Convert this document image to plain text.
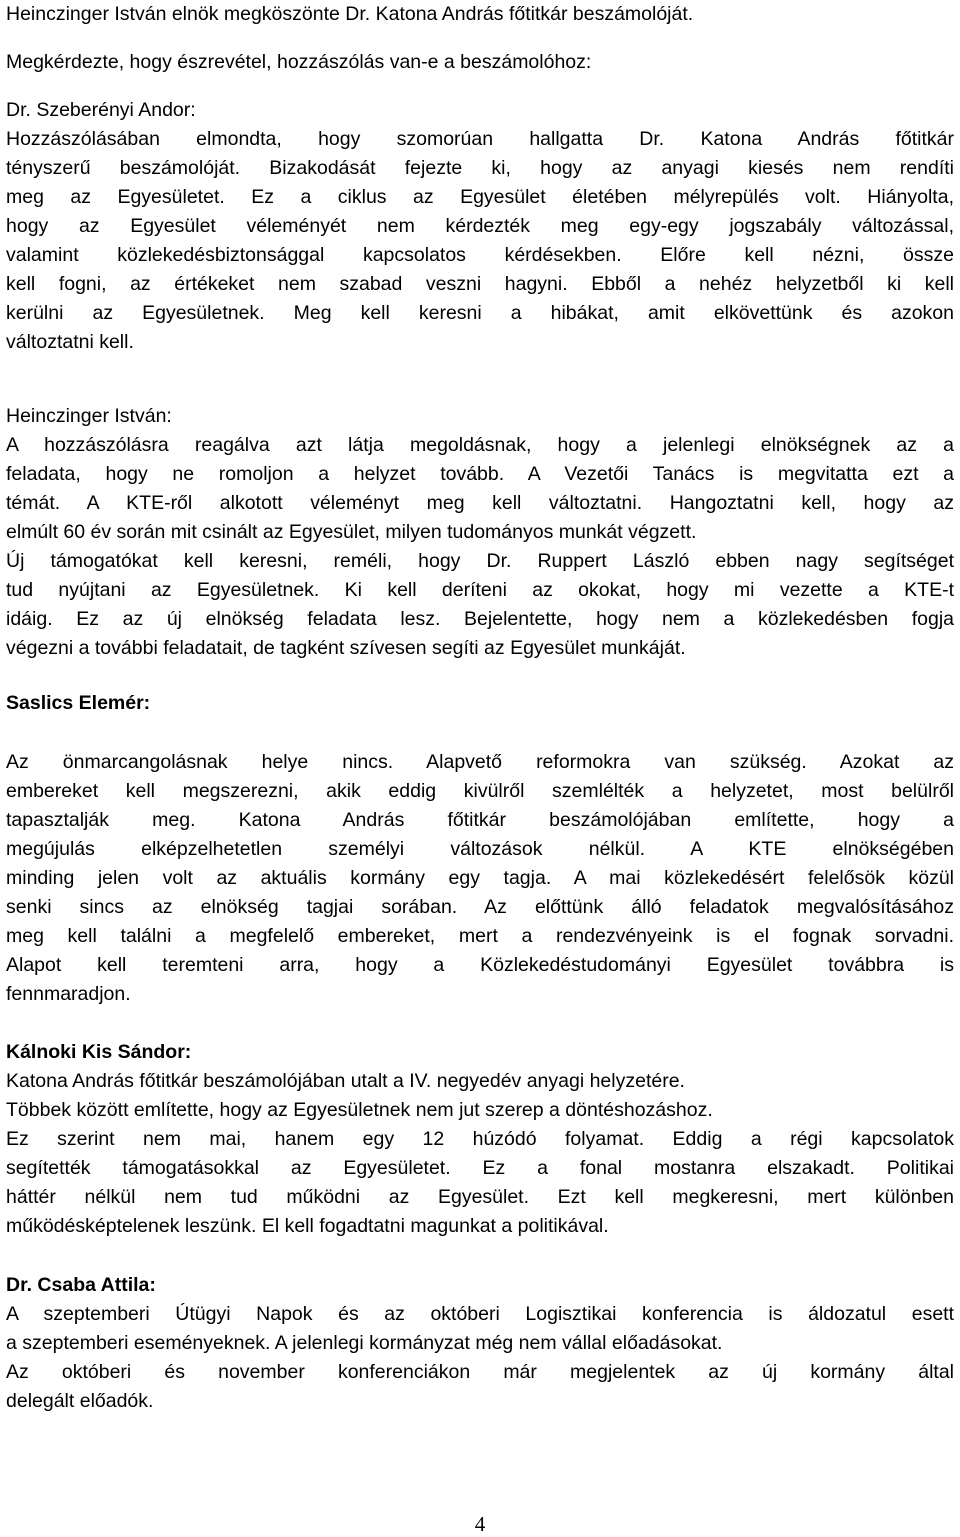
Heinczinger István elnök megköszönte Dr. Katona András főtitkár beszámolóját.

Megkérdezte, hogy észrevétel, hozzászólás van-e a beszámolóhoz:

Dr. Szeberényi Andor:

Hozzászólásában elmondta, hogy szomorúan hallgatta Dr. Katona András főtitkár
tényszerű beszámolóját. Bizakodását fejezte ki, hogy az anyagi kiesés nem rendíti
meg az Egyesületet. Ez a ciklus az Egyesület életében mélyrepülés volt. Hiányolta,
hogy az Egyesület véleményét nem kérdezték meg egy-egy jogszabály változással,
valamint közlekedésbiztonsággal kapcsolatos kérdésekben. Előre kell nézni, össze
kell fogni, az értékeket nem szabad veszni hagyni. Ebből a nehéz helyzetből ki kell
kerülni az Egyesületnek. Meg kell keresni a hibákat, amit elkövettünk és azokon
változtatni kell.

Heinczinger István:

A hozzászólásra reagálva azt látja megoldásnak, hogy a jelenlegi elnökségnek az a
feladata, hogy ne romoljon a helyzet tovább. A Vezetői Tanács is megvitatta ezt a
témát. A KTE-ről alkotott véleményt meg kell változtatni. Hangoztatni kell, hogy az
elmúlt 60 év során mit csinált az Egyesület, milyen tudományos munkát végzett.
Új támogatókat kell keresni, reméli, hogy Dr. Ruppert László ebben nagy segítséget
tud nyújtani az Egyesületnek. Ki kell deríteni az okokat, hogy mi vezette a KTE-t
idáig. Ez az új elnökség feladata lesz. Bejelentette, hogy nem a közlekedésben fogja
végezni a további feladatait, de tagként szívesen segíti az Egyesület munkáját.

Saslics Elemér:

Az önmarcangolásnak helye nincs. Alapvető reformokra van szükség. Azokat az
embereket kell megszerezni, akik eddig kivülről szemlélték a helyzetet, most belülről
tapasztalják meg. Katona András főtitkár beszámolójában említette, hogy a
megújulás elképzelhetetlen személyi változások nélkül. A KTE elnökségében
minding jelen volt az aktuális kormány egy tagja. A mai közlekedésért felelősök közül
senki sincs az elnökség tagjai sorában. Az előttünk álló feladatok megvalósításához
meg kell találni a megfelelő embereket, mert a rendezvényeink is el fognak sorvadni.
Alapot kell teremteni arra, hogy a Közlekedéstudományi Egyesület továbbra is
fennmaradjon.

Kálnoki Kis Sándor:

Katona András főtitkár beszámolójában utalt a IV. negyedév anyagi helyzetére.
Többek között említette, hogy az Egyesületnek nem jut szerep a döntéshozáshoz.
Ez szerint nem mai, hanem egy 12 húzódó folyamat. Eddig a régi kapcsolatok
segítették támogatásokkal az Egyesületet. Ez a fonal mostanra elszakadt. Politikai
háttér nélkül nem tud működni az Egyesület. Ezt kell megkeresni, mert különben
működésképtelenek leszünk. El kell fogadtatni magunkat a politikával.

Dr. Csaba Attila:

A szeptemberi Útügyi Napok és az októberi Logisztikai konferencia is áldozatul esett
a szeptemberi eseményeknek. A jelenlegi kormányzat még nem vállal előadásokat.
Az októberi és november konferenciákon már megjelentek az új kormány által
delegált előadók.

4
